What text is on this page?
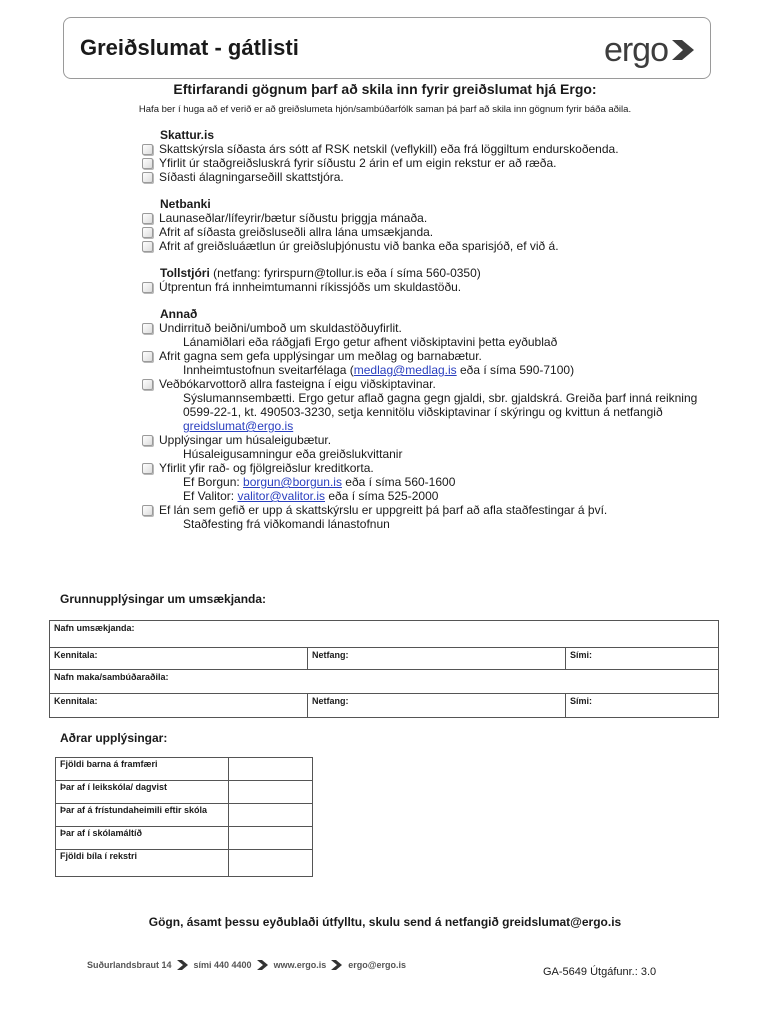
Greiðslumat - gátlisti	ergo
Eftirfarandi gögnum þarf að skila inn fyrir greiðslumat hjá Ergo:
Hafa ber í huga að ef verið er að greiðslumeta hjón/sambúðarfólk saman þá þarf að skila inn gögnum fyrir báða aðila.
Skattur.is
Skattskýrsla síðasta árs sótt af RSK netskil (veflykill) eða frá löggiltum endurskoðenda.
Yfirlit úr staðgreiðsluskrá fyrir síðustu 2 árin ef um eigin rekstur er að ræða.
Síðasti álagningarseðill skattstjóra.
Netbanki
Launaseðlar/lífeyrir/bætur síðustu þriggja mánaða.
Afrit af síðasta greiðsluseðli allra lána umsækjanda.
Afrit af greiðsluáætlun úr greiðsluþjónustu við banka eða sparisjóð, ef við á.
Tollstjóri (netfang: fyrirspurn@tollur.is eða í síma 560-0350)
Útprentun frá innheimtumanni ríkissjóðs um skuldastöðu.
Annað
Undirrituð beiðni/umboð um skuldastöðuyfirlit.
Lánamiðlari eða ráðgjafi Ergo getur afhent viðskiptavini þetta eyðublað
Afrit gagna sem gefa upplýsingar um meðlag og barnabætur.
Innheimtustofnun sveitarfélaga (medlag@medlag.is eða í síma 590-7100)
Veðbókarvottorð allra fasteigna í eigu viðskiptavinar.
Sýslumannsembætti. Ergo getur aflað gagna gegn gjaldi, sbr. gjaldskrá. Greiða þarf inná reikning 0599-22-1, kt. 490503-3230, setja kennitölu viðskiptavinar í skýringu og kvittun á netfangið greidslumat@ergo.is
Upplýsingar um húsaleigubætur.
Húsaleigusamningur eða greiðslukvittanir
Yfirlit yfir rað- og fjölgreiðslur kreditkorta.
Ef Borgun: borgun@borgun.is eða í síma 560-1600
Ef Valitor: valitor@valitor.is eða í síma 525-2000
Ef lán sem gefið er upp á skattskýrslu er uppgreitt þá þarf að afla staðfestingar á því.
Staðfesting frá viðkomandi lánastofnun
Grunnupplýsingar um umsækjanda:
Nafn umsækjanda:		
Kennitala:	Netfang:	Sími:
Nafn maka/sambúðaraðila:		
Kennitala:	Netfang:	Sími:
Aðrar upplýsingar:
Fjöldi barna á framfæri	
Þar af í leikskóla/ dagvist	
Þar af á frístundaheimili eftir skóla	
Þar af í skólamáltíð	
Fjöldi bíla í rekstri	
Gögn, ásamt þessu eyðublaði útfylltu, skulu send á netfangið greidslumat@ergo.is
Suðurlandsbraut 14 sími 440 4400 www.ergo.is ergo@ergo.is
GA-5649 Útgáfunr.: 3.0
